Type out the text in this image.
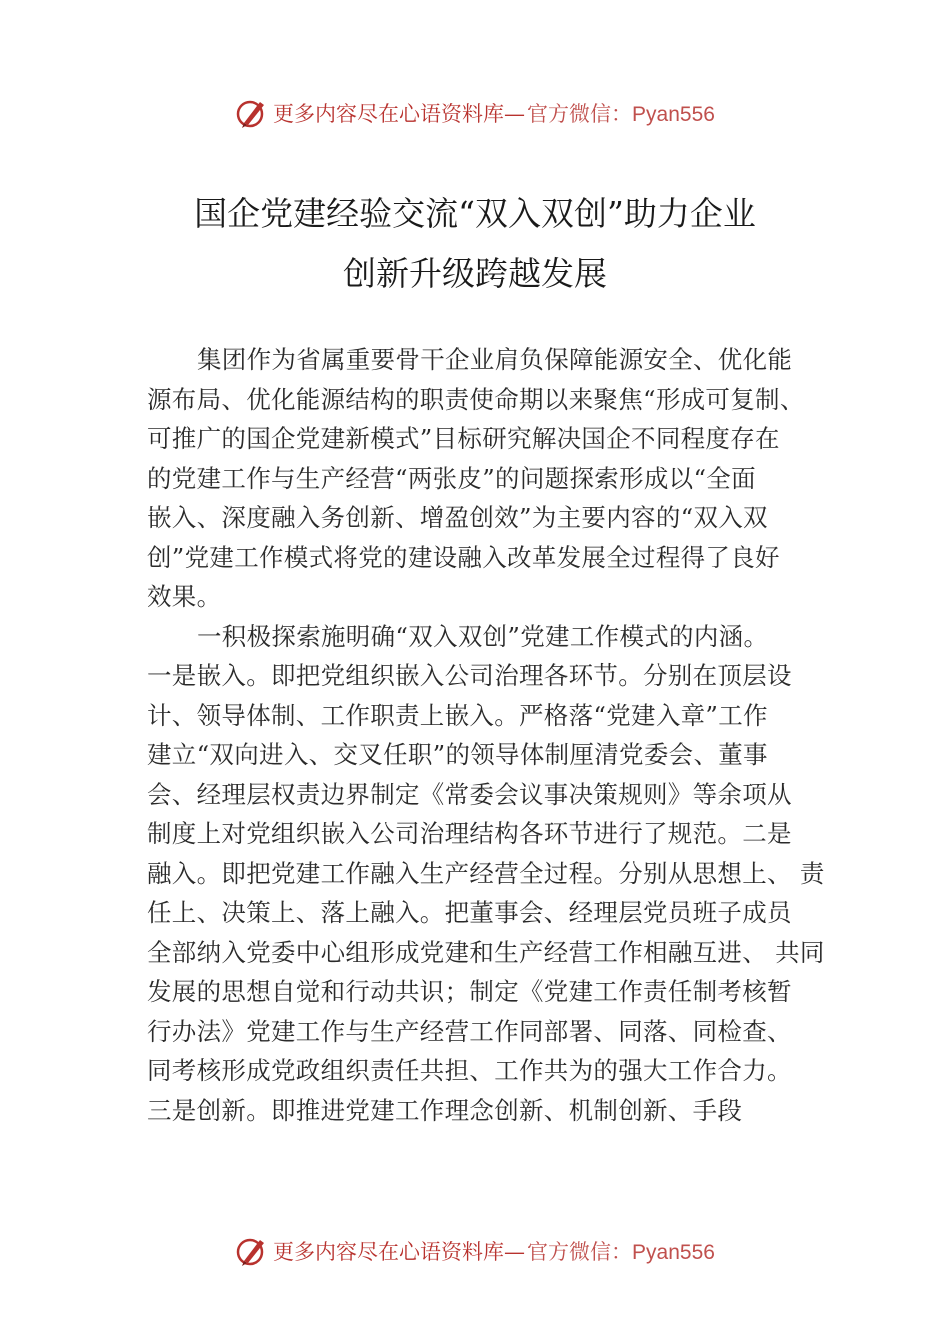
更多内容尽在心语资料库— 官方微信：Pyan556
国企党建经验交流“双入双创”助力企业
创新升级跨越发展
集团作为省属重要骨干企业肩负保障能源安全、优化能
源布局、优化能源结构的职责使命期以来聚焦“形成可复制、
可推广的国企党建新模式”目标研究解决国企不同程度存在
的党建工作与生产经营“两张皮”的问题探索形成以“全面
嵌入、深度融入务创新、增盈创效”为主要内容的“双入双
创”党建工作模式将党的建设融入改革发展全过程得了良好
效果。
一积极探索施明确“双入双创”党建工作模式的内涵。
一是嵌入。即把党组织嵌入公司治理各环节。分别在顶层设
计、领导体制、工作职责上嵌入。严格落“党建入章”工作
建立“双向进入、交叉任职”的领导体制厘清党委会、董事
会、经理层权责边界制定《常委会议事决策规则》等余项从
制度上对党组织嵌入公司治理结构各环节进行了规范。二是
融入。即把党建工作融入生产经营全过程。分别从思想上、 责
任上、决策上、落上融入。把董事会、经理层党员班子成员
全部纳入党委中心组形成党建和生产经营工作相融互进、 共同
发展的思想自觉和行动共识；制定《党建工作责任制考核暂
行办法》党建工作与生产经营工作同部署、同落、同检查、
同考核形成党政组织责任共担、工作共为的强大工作合力。
三是创新。即推进党建工作理念创新、机制创新、手段
更多内容尽在心语资料库— 官方微信：Pyan556
